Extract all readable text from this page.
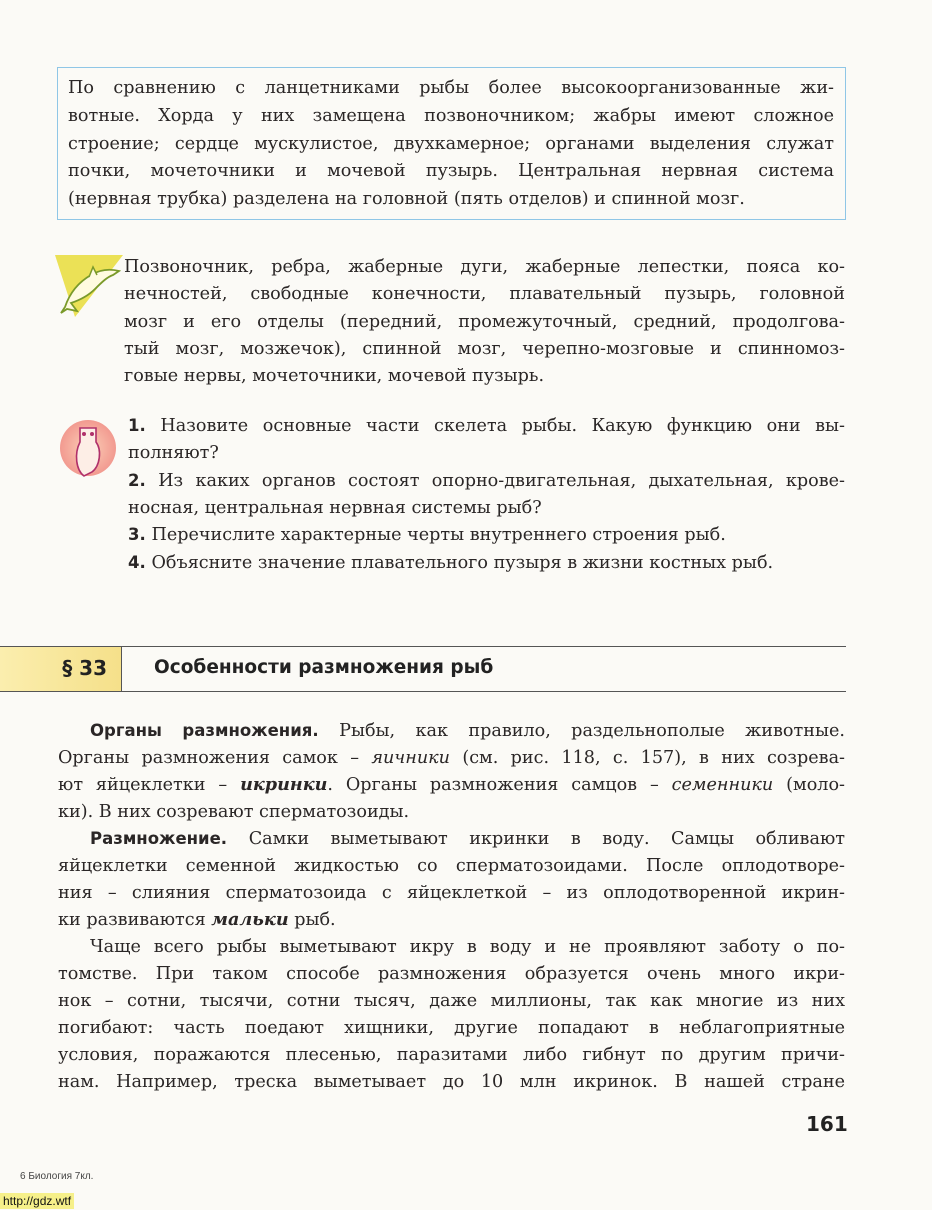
По сравнению с ланцетниками рыбы более высокоорганизованные жи-
вотные. Хорда у них замещена позвоночником; жабры имеют сложное
строение; сердце мускулистое, двухкамерное; органами выделения служат
почки, мочеточники и мочевой пузырь. Центральная нервная система
(нервная трубка) разделена на головной (пять отделов) и спинной мозг.
Позвоночник, ребра, жаберные дуги, жаберные лепестки, пояса ко-
нечностей, свободные конечности, плавательный пузырь, головной
мозг и его отделы (передний, промежуточный, средний, продолгова-
тый мозг, мозжечок), спинной мозг, черепно-мозговые и спинномоз-
говые нервы, мочеточники, мочевой пузырь.
1. Назовите основные части скелета рыбы. Какую функцию они вы-
полняют?
2. Из каких органов состоят опорно-двигательная, дыхательная, крове-
носная, центральная нервная системы рыб?
3. Перечислите характерные черты внутреннего строения рыб.
4. Объясните значение плавательного пузыря в жизни костных рыб.
§ 33	Особенности размножения рыб
Органы размножения. Рыбы, как правило, раздельнополые животные.
Органы размножения самок – яичники (см. рис. 118, с. 157), в них созрева-
ют яйцеклетки – икринки. Органы размножения самцов – семенники (моло-
ки). В них созревают сперматозоиды.
Размножение. Самки выметывают икринки в воду. Самцы обливают
яйцеклетки семенной жидкостью со сперматозоидами. После оплодотворе-
ния – слияния сперматозоида с яйцеклеткой – из оплодотворенной икрин-
ки развиваются мальки рыб.
Чаще всего рыбы выметывают икру в воду и не проявляют заботу о по-
томстве. При таком способе размножения образуется очень много икри-
нок – сотни, тысячи, сотни тысяч, даже миллионы, так как многие из них
погибают: часть поедают хищники, другие попадают в неблагоприятные
условия, поражаются плесенью, паразитами либо гибнут по другим причи-
нам. Например, треска выметывает до 10 млн икринок. В нашей стране
161
6 Биология 7кл.
http://gdz.wtf
